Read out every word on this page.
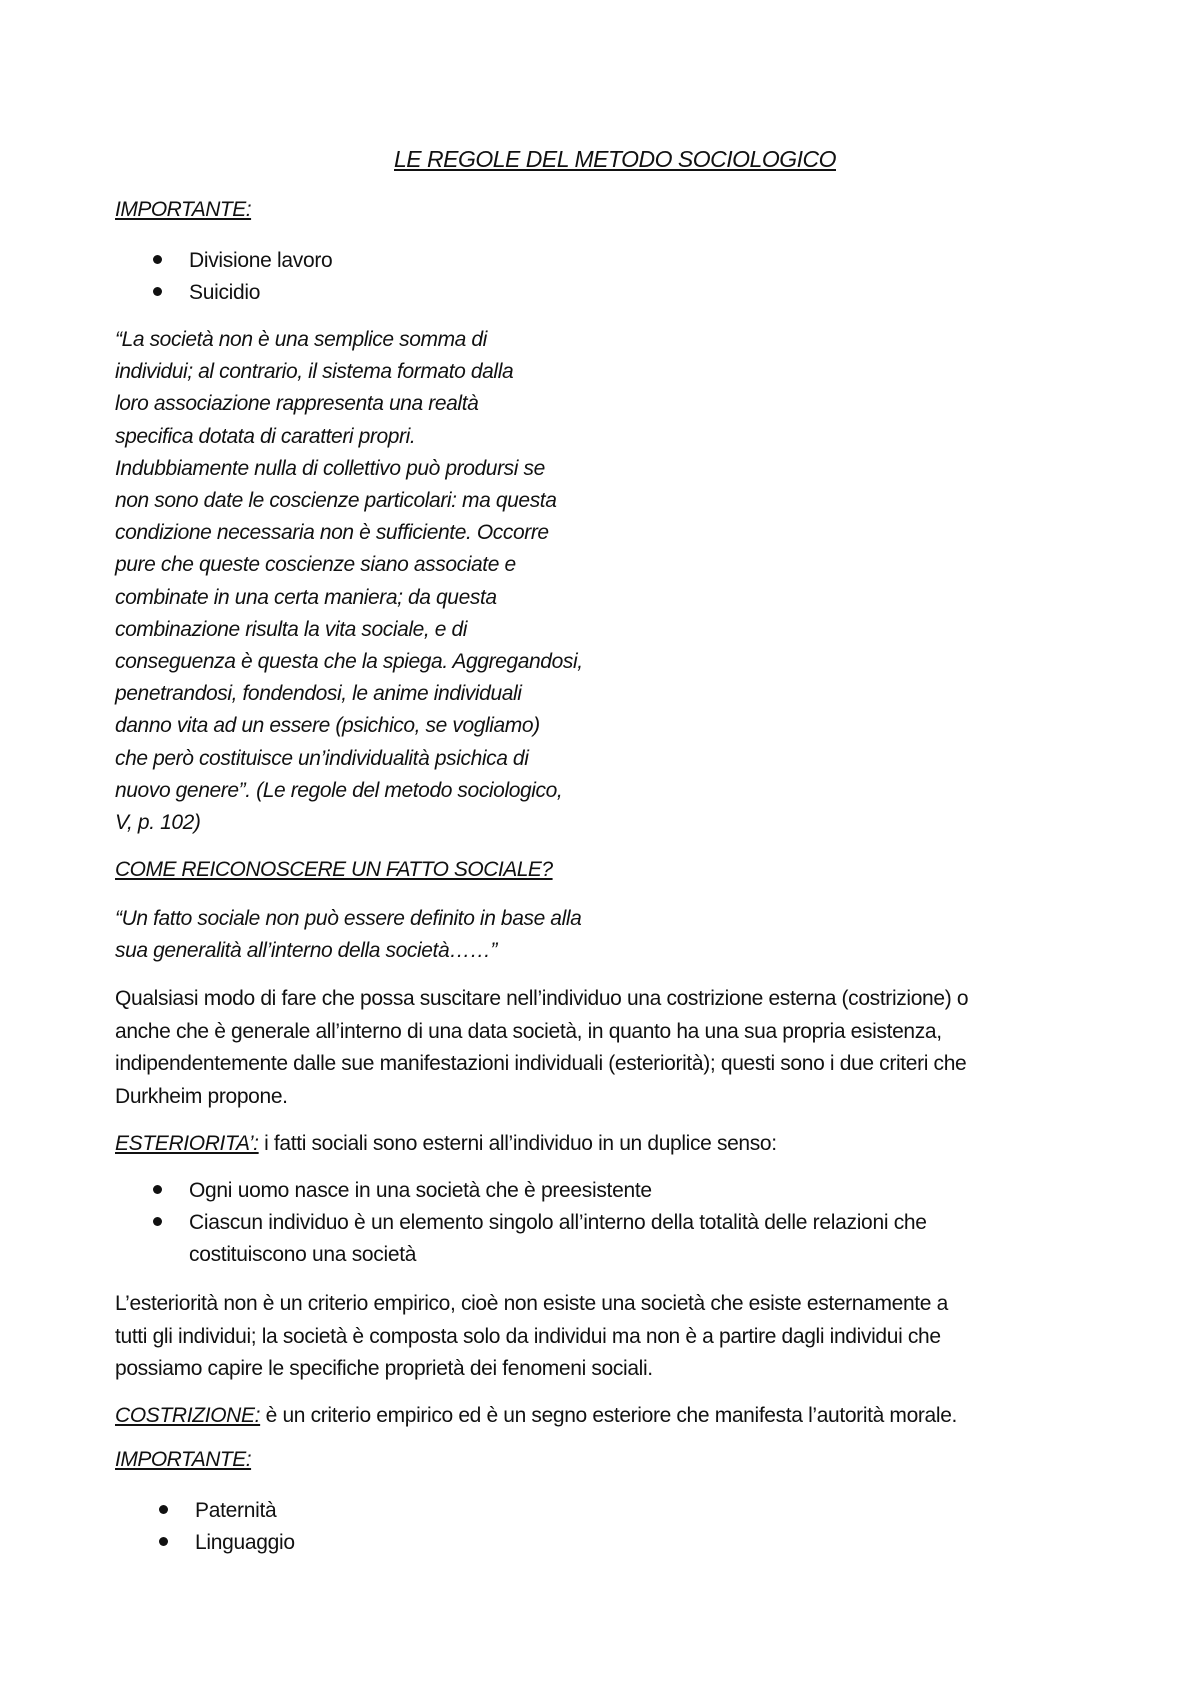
LE REGOLE DEL METODO SOCIOLOGICO
IMPORTANTE:
Divisione lavoro
Suicidio

“La società non è una semplice somma di
individui; al contrario, il sistema formato dalla
loro associazione rappresenta una realtà
specifica dotata di caratteri propri.
Indubbiamente nulla di collettivo può prodursi se
non sono date le coscienze particolari: ma questa
condizione necessaria non è sufficiente. Occorre
pure che queste coscienze siano associate e
combinate in una certa maniera; da questa
combinazione risulta la vita sociale, e di
conseguenza è questa che la spiega. Aggregandosi,
penetrandosi, fondendosi, le anime individuali
danno vita ad un essere (psichico, se vogliamo)
che però costituisce un’individualità psichica di
nuovo genere”. (Le regole del metodo sociologico,
V, p. 102)

COME REICONOSCERE UN FATTO SOCIALE?

“Un fatto sociale non può essere definito in base alla
sua generalità all’interno della società……”

Qualsiasi modo di fare che possa suscitare nell’individuo una costrizione esterna (costrizione) o
anche che è generale all’interno di una data società, in quanto ha una sua propria esistenza,
indipendentemente dalle sue manifestazioni individuali (esteriorità); questi sono i due criteri che
Durkheim propone.

ESTERIORITA’: i fatti sociali sono esterni all’individuo in un duplice senso:

Ogni uomo nasce in una società che è preesistente
Ciascun individuo è un elemento singolo all’interno della totalità delle relazioni che
costituiscono una società

L’esteriorità non è un criterio empirico, cioè non esiste una società che esiste esternamente a
tutti gli individui; la società è composta solo da individui ma non è a partire dagli individui che
possiamo capire le specifiche proprietà dei fenomeni sociali.

COSTRIZIONE: è un criterio empirico ed è un segno esteriore che manifesta l’autorità morale.

IMPORTANTE:
Paternità
Linguaggio
